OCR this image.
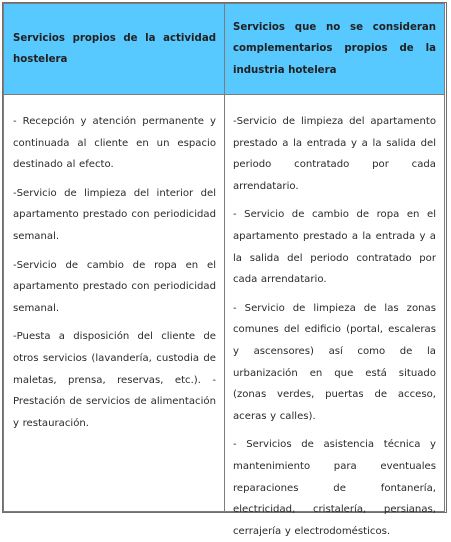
Servicios propios de la actividad hostelera
Servicios que no se consideran complementarios propios de la industria hotelera

- Recepción y atención permanente y continuada al cliente en un espacio destinado al efecto.

-Servicio de limpieza del interior del apartamento prestado con periodicidad semanal.

-Servicio de cambio de ropa en el apartamento prestado con periodicidad semanal.

-Puesta a disposición del cliente de otros servicios (lavandería, custodia de maletas, prensa, reservas, etc.). - Prestación de servicios de alimentación y restauración.

-Servicio de limpieza del apartamento prestado a la entrada y a la salida del periodo contratado por cada arrendatario.

- Servicio de cambio de ropa en el apartamento prestado a la entrada y a la salida del periodo contratado por cada arrendatario.

- Servicio de limpieza de las zonas comunes del edificio (portal, escaleras y ascensores) así como de la urbanización en que está situado (zonas verdes, puertas de acceso, aceras y calles).

- Servicios de asistencia técnica y mantenimiento para eventuales reparaciones de fontanería, electricidad, cristalería, persianas, cerrajería y electrodomésticos.
